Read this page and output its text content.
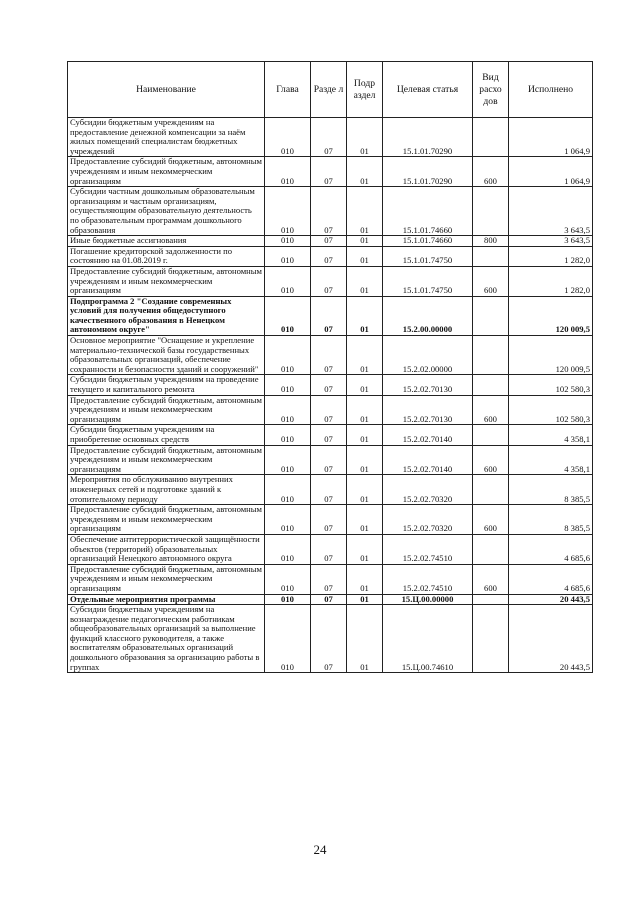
Наименование	Глава	Разде л	Подр аздел	Целевая статья	Вид расхо дов	Исполнено
Субсидии бюджетным учреждениям на предоставление денежной компенсации за наём жилых помещений специалистам бюджетных учреждений	010	07	01	15.1.01.70290		1 064,9
Предоставление субсидий бюджетным, автономным учреждениям и иным некоммерческим организациям	010	07	01	15.1.01.70290	600	1 064,9
Субсидии частным дошкольным образовательным организациям и частным организациям, осуществляющим образовательную деятельность по образовательным программам дошкольного образования	010	07	01	15.1.01.74660		3 643,5
Иные бюджетные ассигнования	010	07	01	15.1.01.74660	800	3 643,5
Погашение кредиторской задолженности по состоянию на 01.08.2019 г.	010	07	01	15.1.01.74750		1 282,0
Предоставление субсидий бюджетным, автономным учреждениям и иным некоммерческим организациям	010	07	01	15.1.01.74750	600	1 282,0
Подпрограмма 2 "Создание современных условий для получения общедоступного качественного образования в Ненецком автономном округе"	010	07	01	15.2.00.00000		120 009,5
Основное мероприятие "Оснащение и укрепление материально-технической базы государственных образовательных организаций, обеспечение сохранности и безопасности зданий и сооружений"	010	07	01	15.2.02.00000		120 009,5
Субсидии бюджетным учреждениям на проведение текущего и капитального ремонта	010	07	01	15.2.02.70130		102 580,3
Предоставление субсидий бюджетным, автономным учреждениям и иным некоммерческим организациям	010	07	01	15.2.02.70130	600	102 580,3
Субсидии бюджетным учреждениям на приобретение основных средств	010	07	01	15.2.02.70140		4 358,1
Предоставление субсидий бюджетным, автономным учреждениям и иным некоммерческим организациям	010	07	01	15.2.02.70140	600	4 358,1
Мероприятия по обслуживанию внутренних инженерных сетей и подготовке зданий к отопительному периоду	010	07	01	15.2.02.70320		8 385,5
Предоставление субсидий бюджетным, автономным учреждениям и иным некоммерческим организациям	010	07	01	15.2.02.70320	600	8 385,5
Обеспечение антитеррористической защищённости объектов (территорий) образовательных организаций Ненецкого автономного округа	010	07	01	15.2.02.74510		4 685,6
Предоставление субсидий бюджетным, автономным учреждениям и иным некоммерческим организациям	010	07	01	15.2.02.74510	600	4 685,6
Отдельные мероприятия программы	010	07	01	15.Ц.00.00000		20 443,5
Субсидии бюджетным учреждениям на вознаграждение педагогическим работникам общеобразовательных организаций за выполнение функций классного руководителя, а также воспитателям образовательных организаций дошкольного образования за организацию работы в группах	010	07	01	15.Ц.00.74610		20 443,5
24
